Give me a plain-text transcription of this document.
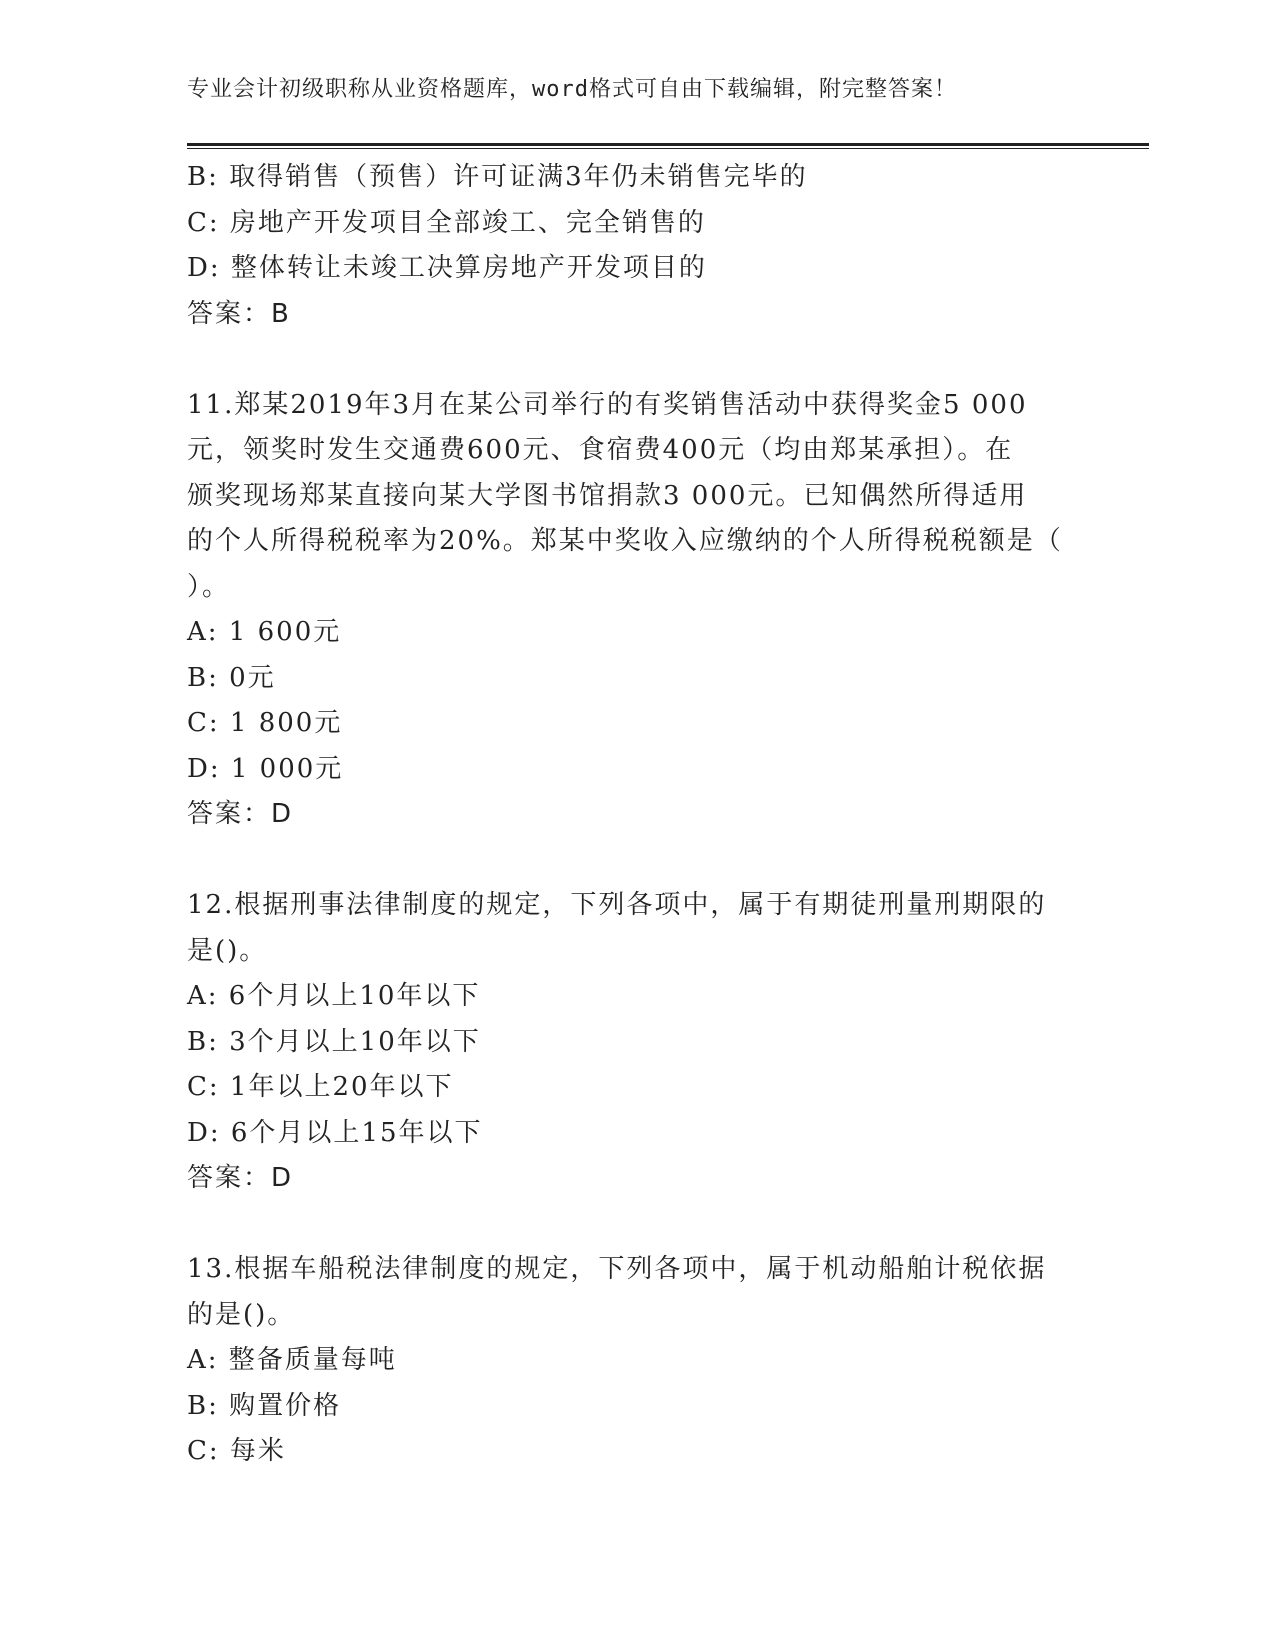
专业会计初级职称从业资格题库，word格式可自由下载编辑，附完整答案！
B: 取得销售（预售）许可证满3年仍未销售完毕的
C: 房地产开发项目全部竣工、完全销售的
D: 整体转让未竣工决算房地产开发项目的
答案：B
11.郑某2019年3月在某公司举行的有奖销售活动中获得奖金5 000
元，领奖时发生交通费600元、食宿费400元（均由郑某承担）。在
颁奖现场郑某直接向某大学图书馆捐款3 000元。已知偶然所得适用
的个人所得税税率为20%。郑某中奖收入应缴纳的个人所得税税额是（
）。
A: 1 600元
B: 0元
C: 1 800元
D: 1 000元
答案：D
12.根据刑事法律制度的规定，下列各项中，属于有期徒刑量刑期限的
是()。
A: 6个月以上10年以下
B: 3个月以上10年以下
C: 1年以上20年以下
D: 6个月以上15年以下
答案：D
13.根据车船税法律制度的规定，下列各项中，属于机动船舶计税依据
的是()。
A: 整备质量每吨
B: 购置价格
C: 每米
